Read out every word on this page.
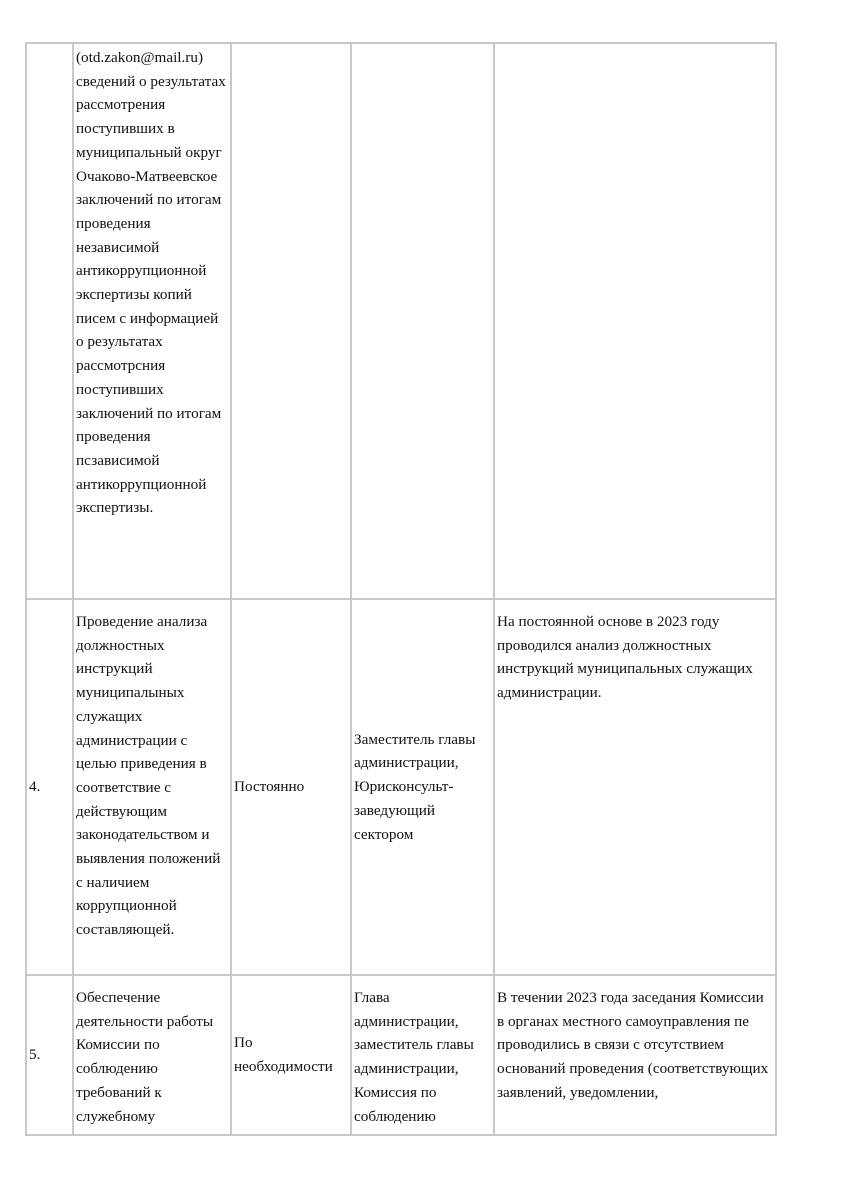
	(otd.zakon@mail.ru) сведений о результатах рассмотрения поступивших в муниципальный округ Очаково-Матвеевское заключений по итогам проведения независимой антикоррупционной экспертизы копий писем с информацией о результатах рассмотрсния поступивших заключений по итогам проведения псзависимой антикоррупционной экспертизы.			

4.	Проведение анализа должностных инструкций муниципалыных служащих администрации с целью приведения в соответствие с действующим законодательством и выявления положений с наличием коррупционной составляющей.	Постоянно	Заместитель главы администрации, Юрисконсульт-заведующий сектором	На постоянной основе в 2023 году проводился анализ должностных инструкций муниципальных служащих администрации.

5.	Обеспечение деятельности работы Комиссии по соблюдению требований к служебному	По необходимости	Глава администрации, заместитель главы администрации, Комиссия по соблюдению	В течении 2023 года заседания Комиссии в органах местного самоуправления пе проводились в связи с отсутствием оснований проведения (соответствующих заявлений, уведомлении,
